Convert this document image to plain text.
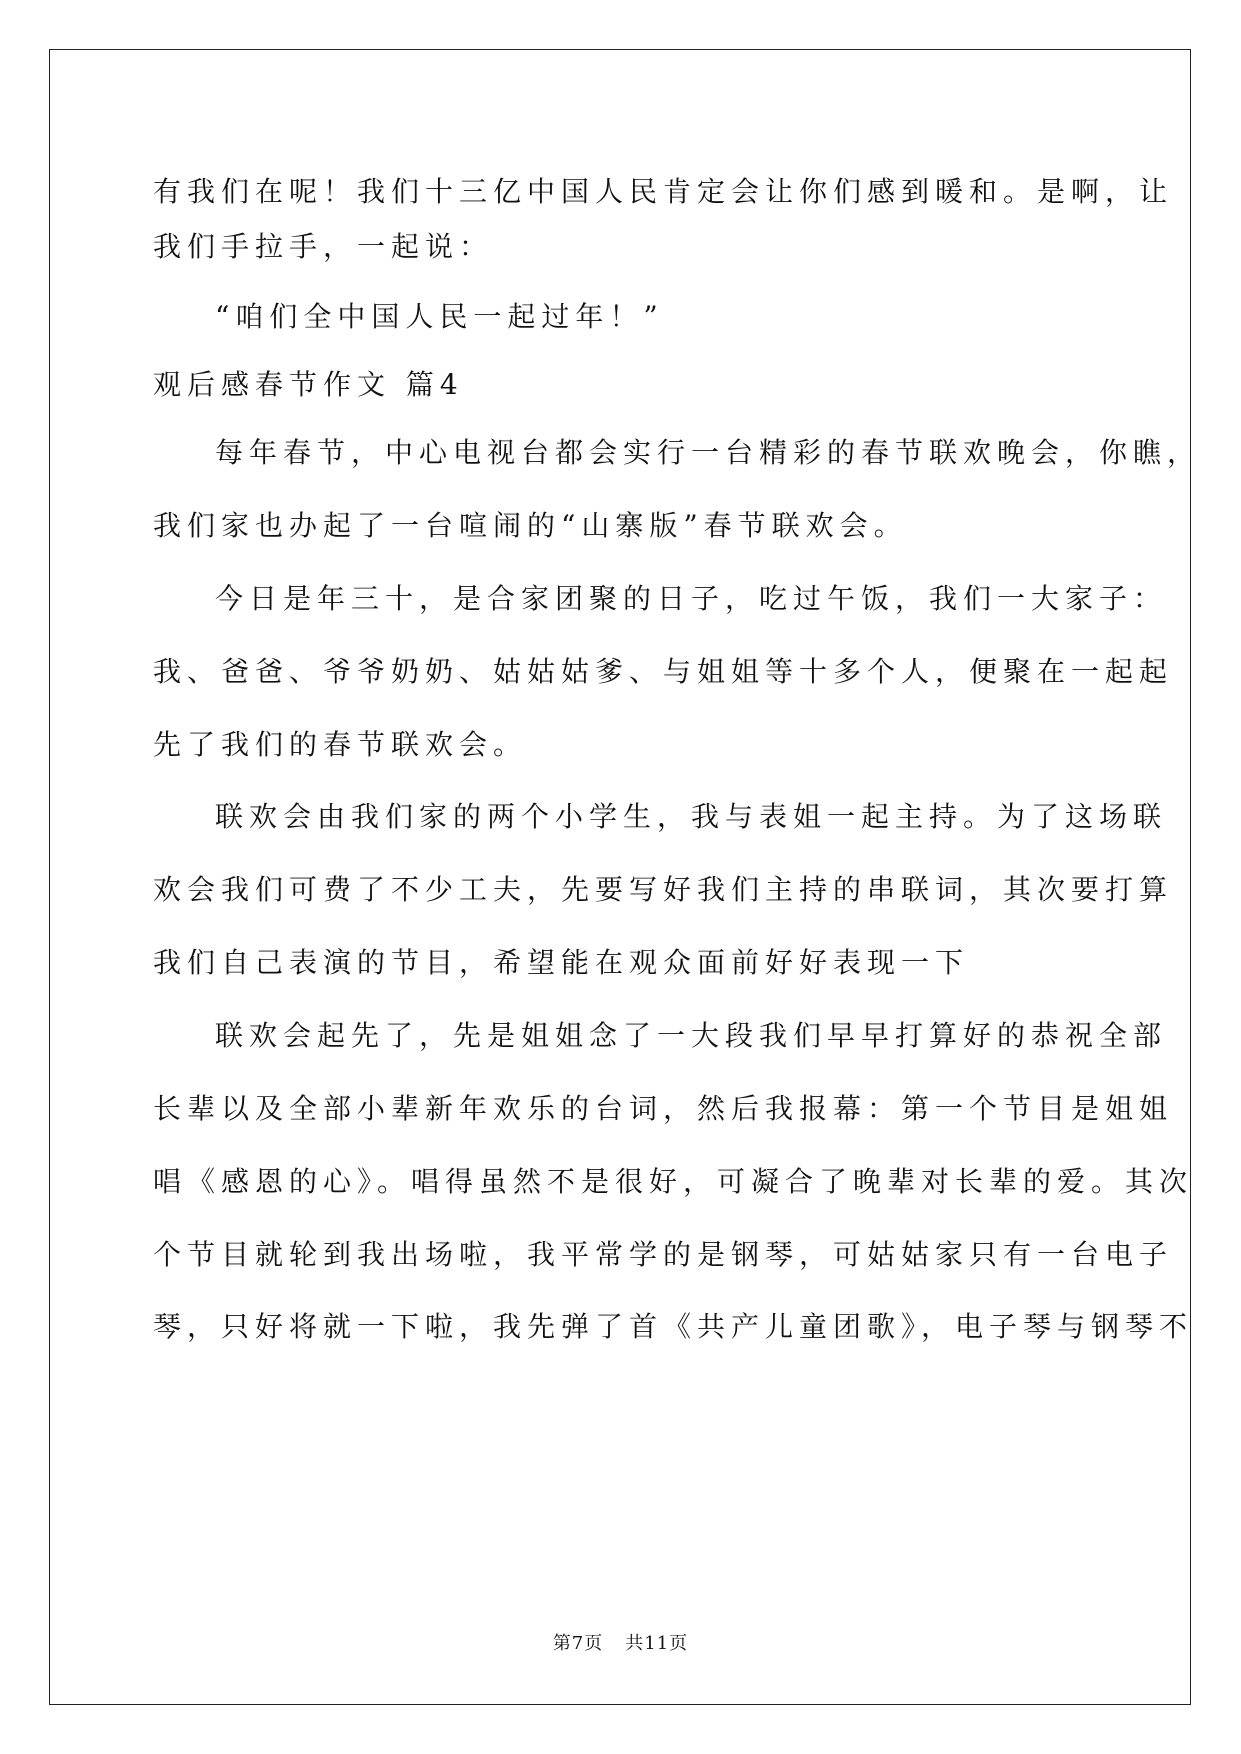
有我们在呢！我们十三亿中国人民肯定会让你们感到暖和。是啊，让

我们手拉手，一起说：

“咱们全中国人民一起过年！”

观后感春节作文 篇4

每年春节，中心电视台都会实行一台精彩的春节联欢晚会，你瞧，

我们家也办起了一台喧闹的“山寨版”春节联欢会。

今日是年三十，是合家团聚的日子，吃过午饭，我们一大家子：

我、爸爸、爷爷奶奶、姑姑姑爹、与姐姐等十多个人，便聚在一起起

先了我们的春节联欢会。

联欢会由我们家的两个小学生，我与表姐一起主持。为了这场联

欢会我们可费了不少工夫，先要写好我们主持的串联词，其次要打算

我们自己表演的节目，希望能在观众面前好好表现一下

联欢会起先了，先是姐姐念了一大段我们早早打算好的恭祝全部

长辈以及全部小辈新年欢乐的台词，然后我报幕：第一个节目是姐姐

唱《感恩的心》。唱得虽然不是很好，可凝合了晚辈对长辈的爱。其次

个节目就轮到我出场啦，我平常学的是钢琴，可姑姑家只有一台电子

琴，只好将就一下啦，我先弹了首《共产儿童团歌》，电子琴与钢琴不

第7页 共11页
